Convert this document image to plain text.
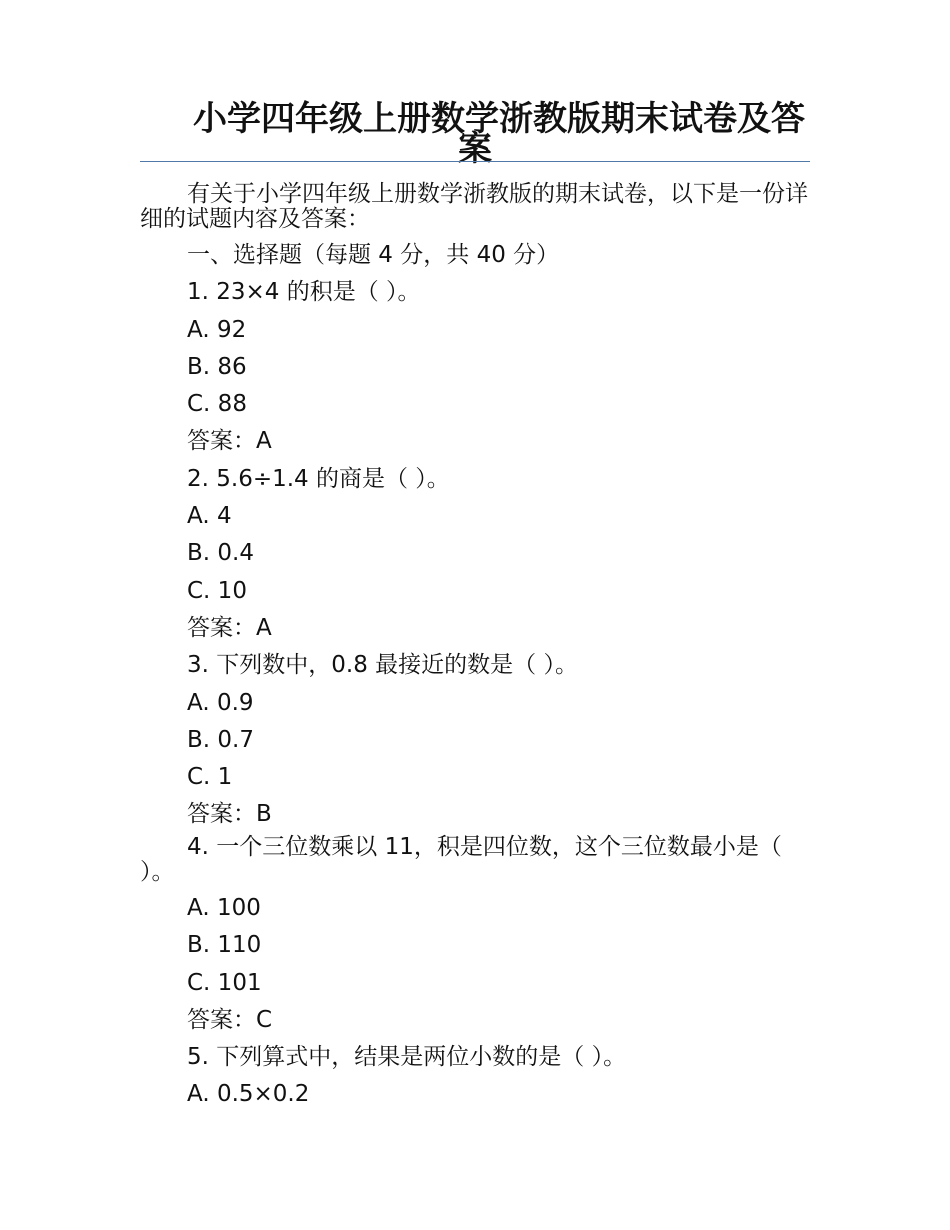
小学四年级上册数学浙教版期末试卷及答案

有关于小学四年级上册数学浙教版的期末试卷，以下是一份详细的试题内容及答案：

一、选择题（每题 4 分，共 40 分）
1. 23×4 的积是（ ）。
A. 92
B. 86
C. 88
答案：A
2. 5.6÷1.4 的商是（ ）。
A. 4
B. 0.4
C. 10
答案：A
3. 下列数中，0.8 最接近的数是（ ）。
A. 0.9
B. 0.7
C. 1
答案：B

4. 一个三位数乘以 11，积是四位数，这个三位数最小是（ ）。

A. 100
B. 110
C. 101
答案：C
5. 下列算式中，结果是两位小数的是（ ）。
A. 0.5×0.2
